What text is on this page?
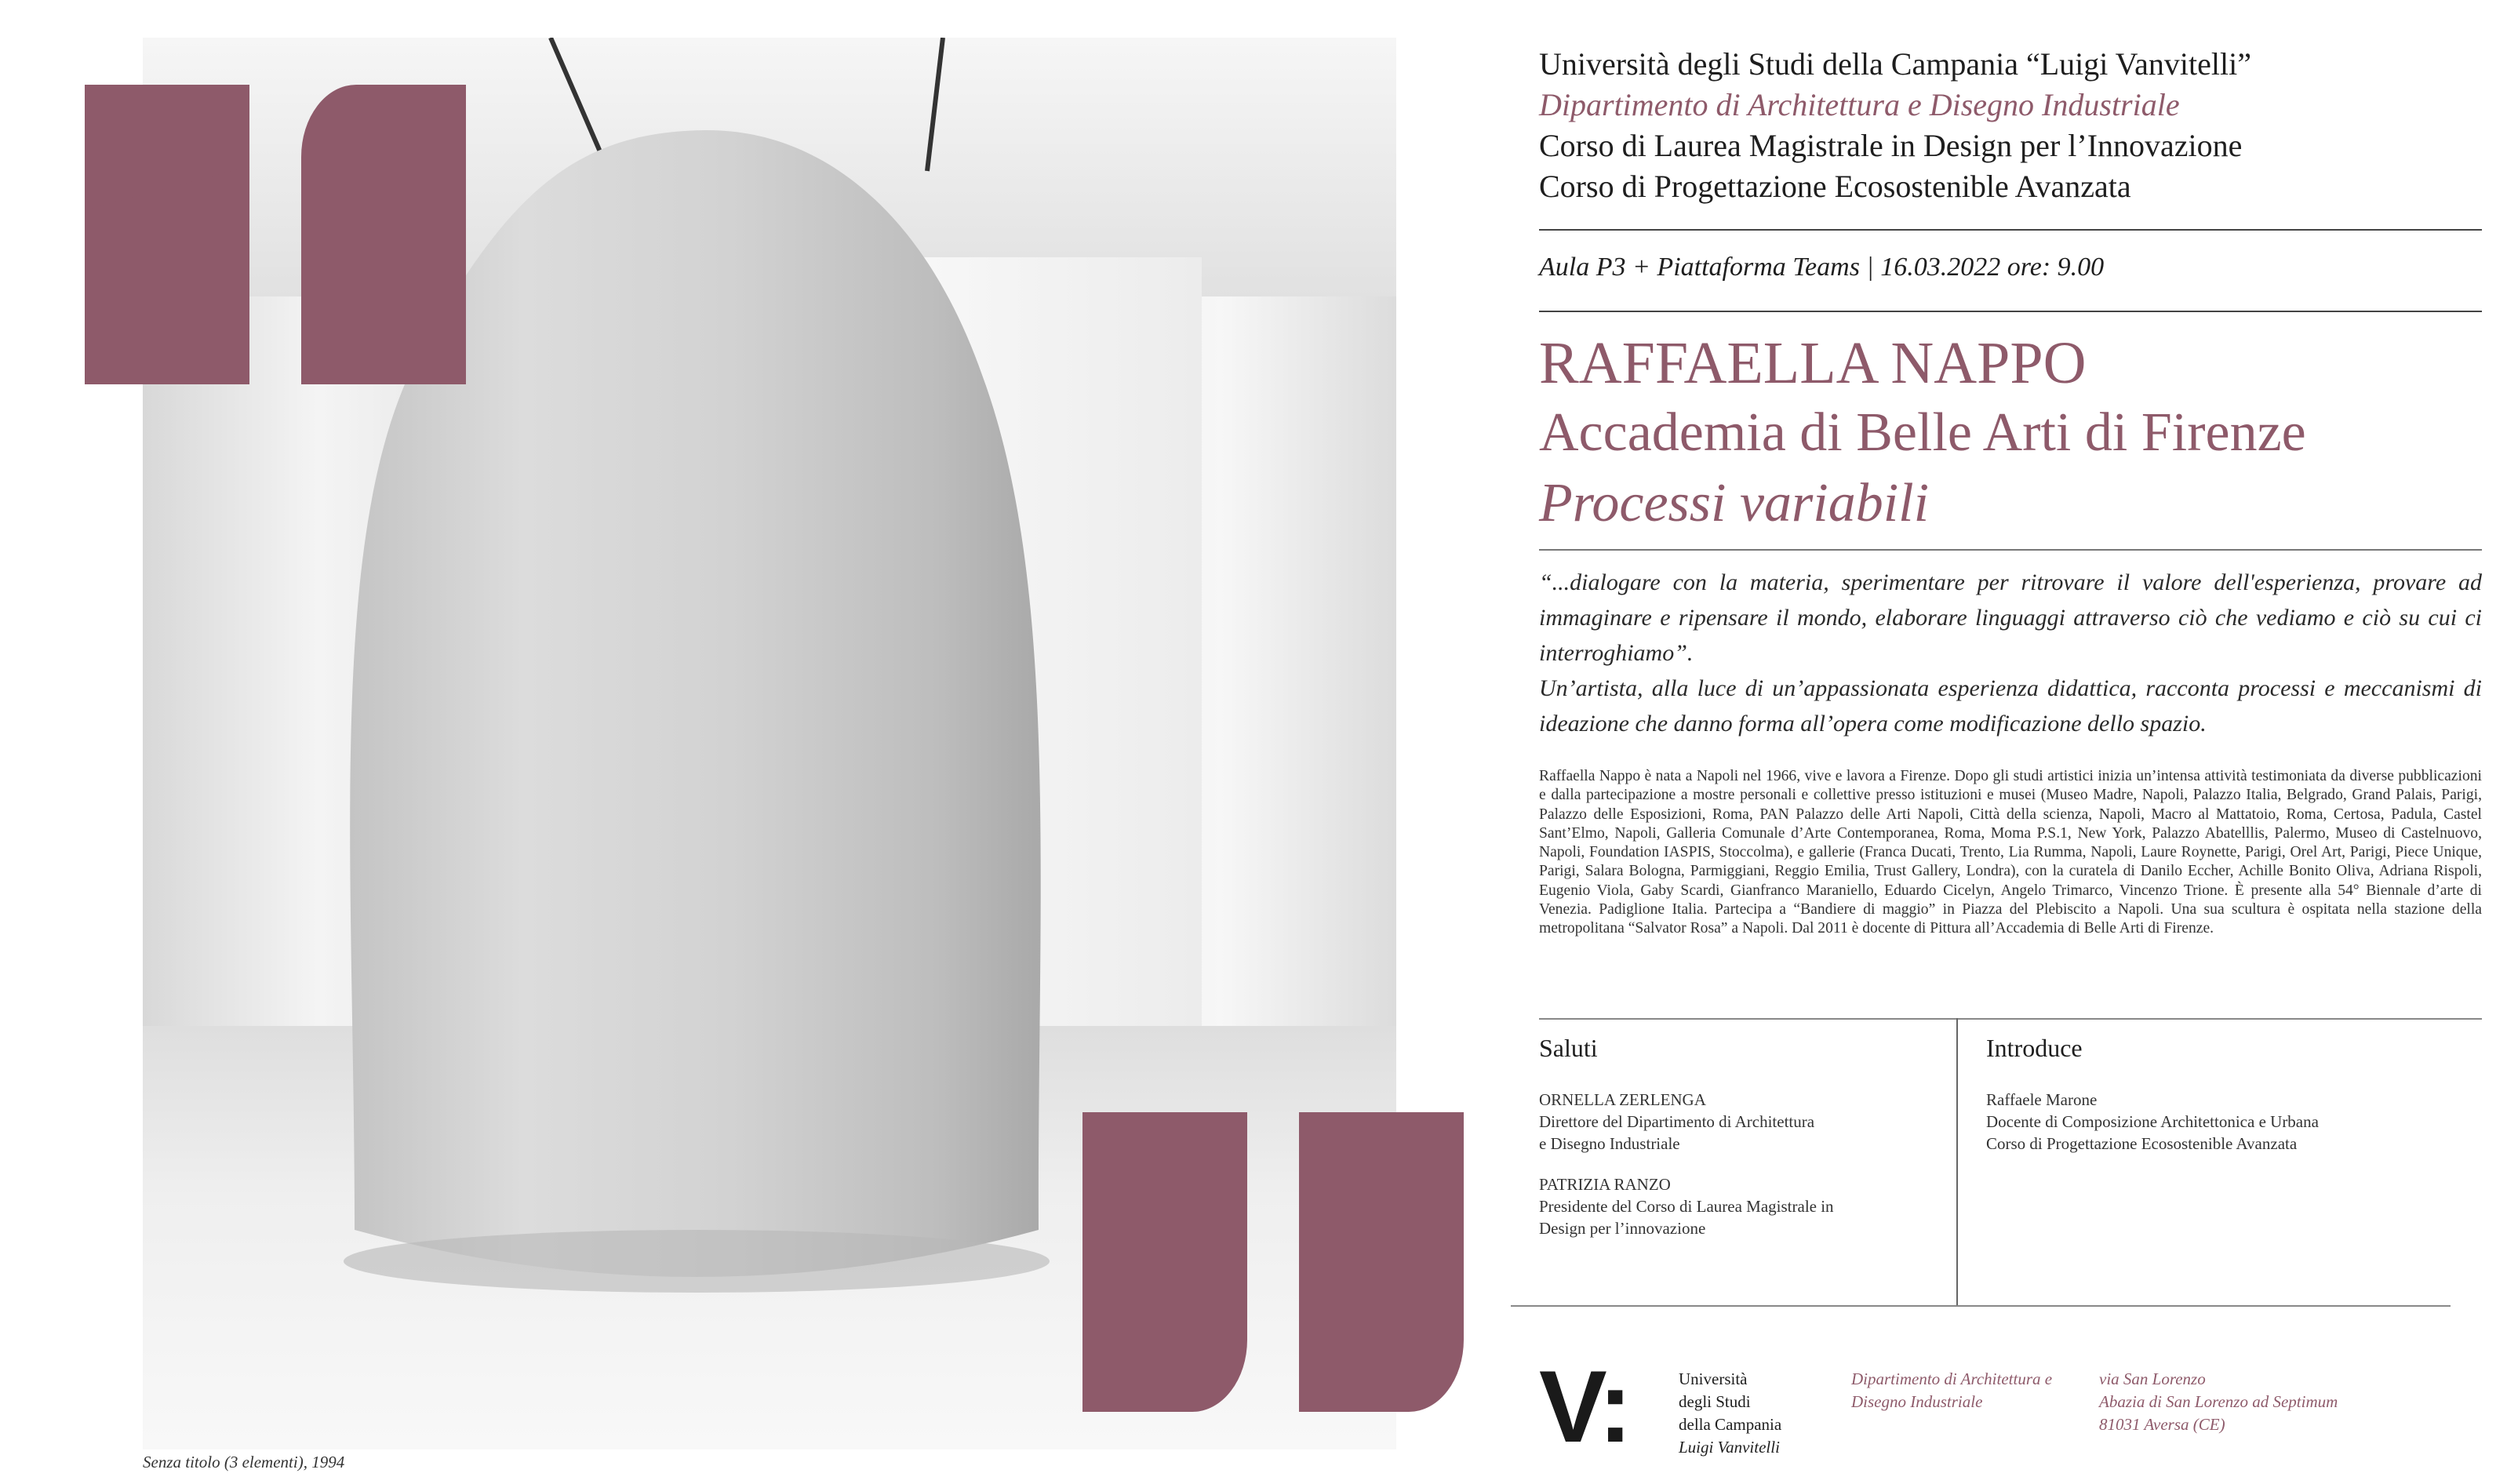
Senza titolo (3 elementi), 1994
Università degli Studi della Campania “Luigi Vanvitelli”
Dipartimento di Architettura e Disegno Industriale
Corso di Laurea Magistrale in Design per l’Innovazione
Corso di Progettazione Ecosostenible Avanzata
Aula P3 + Piattaforma Teams | 16.03.2022 ore: 9.00
RAFFAELLA NAPPO
Accademia di Belle Arti di Firenze
Processi variabili
“...dialogare con la materia, sperimentare per ritrovare il valore dell'esperienza, provare ad immaginare e ripensare il mondo, elaborare linguaggi attraverso ciò che vediamo e ciò su cui ci interroghiamo”.
Un’artista, alla luce di un’appassionata esperienza didattica, racconta processi e meccanismi di ideazione che danno forma all’opera come modificazione dello spazio.
Raffaella Nappo è nata a Napoli nel 1966, vive e lavora a Firenze. Dopo gli studi artistici inizia un’intensa attività testimoniata da diverse pubblicazioni e dalla partecipazione a mostre personali e collettive presso istituzioni e musei (Museo Madre, Napoli, Palazzo Italia, Belgrado, Grand Palais, Parigi, Palazzo delle Esposizioni, Roma, PAN Palazzo delle Arti Napoli, Città della scienza, Napoli, Macro al Mattatoio, Roma, Certosa, Padula, Castel Sant’Elmo, Napoli, Galleria Comunale d’Arte Contemporanea, Roma, Moma P.S.1, New York, Palazzo Abatelllis, Palermo, Museo di Castelnuovo, Napoli, Foundation IASPIS, Stoccolma), e gallerie (Franca Ducati, Trento, Lia Rumma, Napoli, Laure Roynette, Parigi, Orel Art, Parigi, Piece Unique, Parigi, Salara Bologna, Parmiggiani, Reggio Emilia, Trust Gallery, Londra), con la curatela di Danilo Eccher, Achille Bonito Oliva, Adriana Rispoli, Eugenio Viola, Gaby Scardi, Gianfranco Maraniello, Eduardo Cicelyn, Angelo Trimarco, Vincenzo Trione. È presente alla 54° Biennale d’arte di Venezia. Padiglione Italia. Partecipa a “Bandiere di maggio” in Piazza del Plebiscito a Napoli. Una sua scultura è ospitata nella stazione della metropolitana “Salvator Rosa” a Napoli. Dal 2011 è docente di Pittura all’Accademia di Belle Arti di Firenze.
Saluti
ORNELLA ZERLENGA
Direttore del Dipartimento di Architettura
e Disegno Industriale
PATRIZIA RANZO
Presidente del Corso di Laurea Magistrale in
Design per l’innovazione
Introduce
Raffaele Marone
Docente di Composizione Architettonica e Urbana
Corso di Progettazione Ecosostenible Avanzata
V:	Università
degli Studi
della Campania
Luigi Vanvitelli
Dipartimento di Architettura e
Disegno Industriale
via San Lorenzo
Abazia di San Lorenzo ad Septimum
81031 Aversa (CE)
